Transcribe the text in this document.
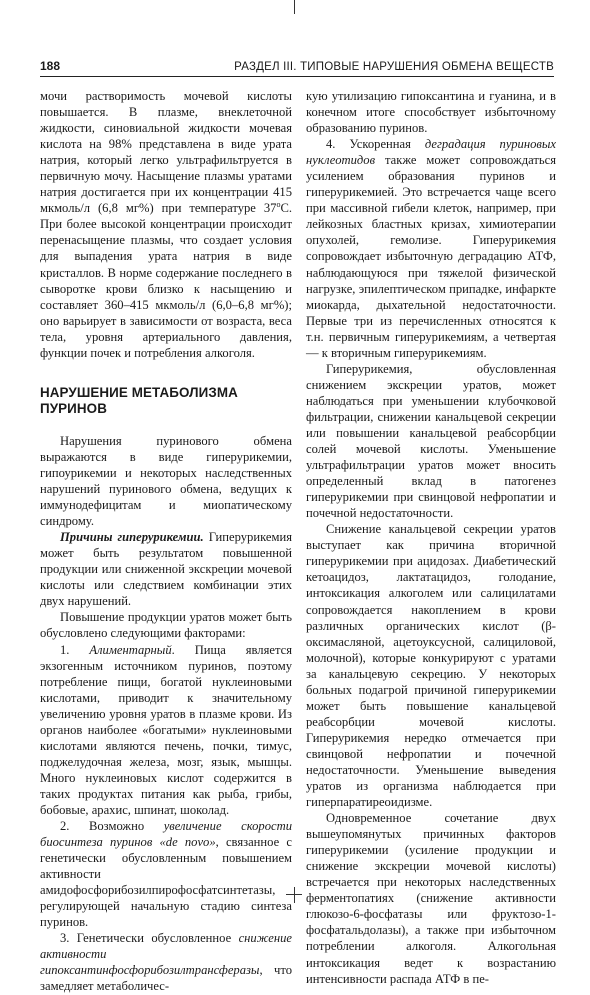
188	РАЗДЕЛ III. ТИПОВЫЕ НАРУШЕНИЯ ОБМЕНА ВЕЩЕСТВ

мочи растворимость мочевой кислоты повышается. В плазме, внеклеточной жидкости, синовиальной жидкости мочевая кислота на 98% представлена в виде урата натрия, который легко ультрафильтруется в первичную мочу. Насыщение плазмы уратами натрия достигается при их концентрации 415 мкмоль/л (6,8 мг%) при температуре $37^оС$. При более высокой концентрации происходит перенасыщение плазмы, что создает условия для выпадения урата натрия в виде кристаллов. В норме содержание последнего в сыворотке крови близко к насыщению и составляет 360–415 мкмоль/л (6,0–6,8 мг%); оно варьирует в зависимости от возраста, веса тела, уровня артериального давления, функции почек и потребления алкоголя.

НАРУШЕНИЕ МЕТАБОЛИЗМА ПУРИНОВ

Нарушения пуринового обмена выражаются в виде гиперурикемии, гипоурикемии и некоторых наследственных нарушений пуринового обмена, ведущих к иммунодефицитам и миопатическому синдрому.

Причины гиперурикемии. Гиперурикемия может быть результатом повышенной продукции или сниженной экскреции мочевой кислоты или следствием комбинации этих двух нарушений.

Повышение продукции уратов может быть обусловлено следующими факторами:

1. Алиментарный. Пища является экзогенным источником пуринов, поэтому потребление пищи, богатой нуклеиновыми кислотами, приводит к значительному увеличению уровня уратов в плазме крови. Из органов наиболее «богатыми» нуклеиновыми кислотами являются печень, почки, тимус, поджелудочная железа, мозг, язык, мышцы. Много нуклеиновых кислот содержится в таких продуктах питания как рыба, грибы, бобовые, арахис, шпинат, шоколад.

2. Возможно увеличение скорости биосинтеза пуринов «de novo», связанное с генетически обусловленным повышением активности амидофосфорибозилпирофосфатсинтетазы, регулирующей начальную стадию синтеза пуринов.

3. Генетически обусловленное снижение активности гипоксантинфосфорибозилтрансферазы, что замедляет метаболичес-

кую утилизацию гипоксантина и гуанина, и в конечном итоге способствует избыточному образованию пуринов.

4. Ускоренная деградация пуриновых нуклеотидов также может сопровождаться усилением образования пуринов и гиперурикемией. Это встречается чаще всего при массивной гибели клеток, например, при лейкозных бластных кризах, химиотерапии опухолей, гемолизе. Гиперурикемия сопровождает избыточную деградацию АТФ, наблюдающуюся при тяжелой физической нагрузке, эпилептическом припадке, инфаркте миокарда, дыхательной недостаточности. Первые три из перечисленных относятся к т.н. первичным гиперурикемиям, а четвертая — к вторичным гиперурикемиям.

Гиперурикемия, обусловленная снижением экскреции уратов, может наблюдаться при уменьшении клубочковой фильтрации, снижении канальцевой секреции или повышении канальцевой реабсорбции солей мочевой кислоты. Уменьшение ультрафильтрации уратов может вносить определенный вклад в патогенез гиперурикемии при свинцовой нефропатии и почечной недостаточности.

Снижение канальцевой секреции уратов выступает как причина вторичной гиперурикемии при ацидозах. Диабетический кетоацидоз, лактатацидоз, голодание, интоксикация алкоголем или салицилатами сопровождается накоплением в крови различных органических кислот (β-оксимасляной, ацетоуксусной, салициловой, молочной), которые конкурируют с уратами за канальцевую секрецию. У некоторых больных подагрой причиной гиперурикемии может быть повышение канальцевой реабсорбции мочевой кислоты. Гиперурикемия нередко отмечается при свинцовой нефропатии и почечной недостаточности. Уменьшение выведения уратов из организма наблюдается при гиперпаратиреоидизме.

Одновременное сочетание двух вышеупомянутых причинных факторов гиперурикемии (усиление продукции и снижение экскреции мочевой кислоты) встречается при некоторых наследственных ферментопатиях (снижение активности глюкозо-6-фосфатазы или фруктозо-1-фосфатальдолазы), а также при избыточном потреблении алкоголя. Алкогольная интоксикация ведет к возрастанию интенсивности распада АТФ в пе-
